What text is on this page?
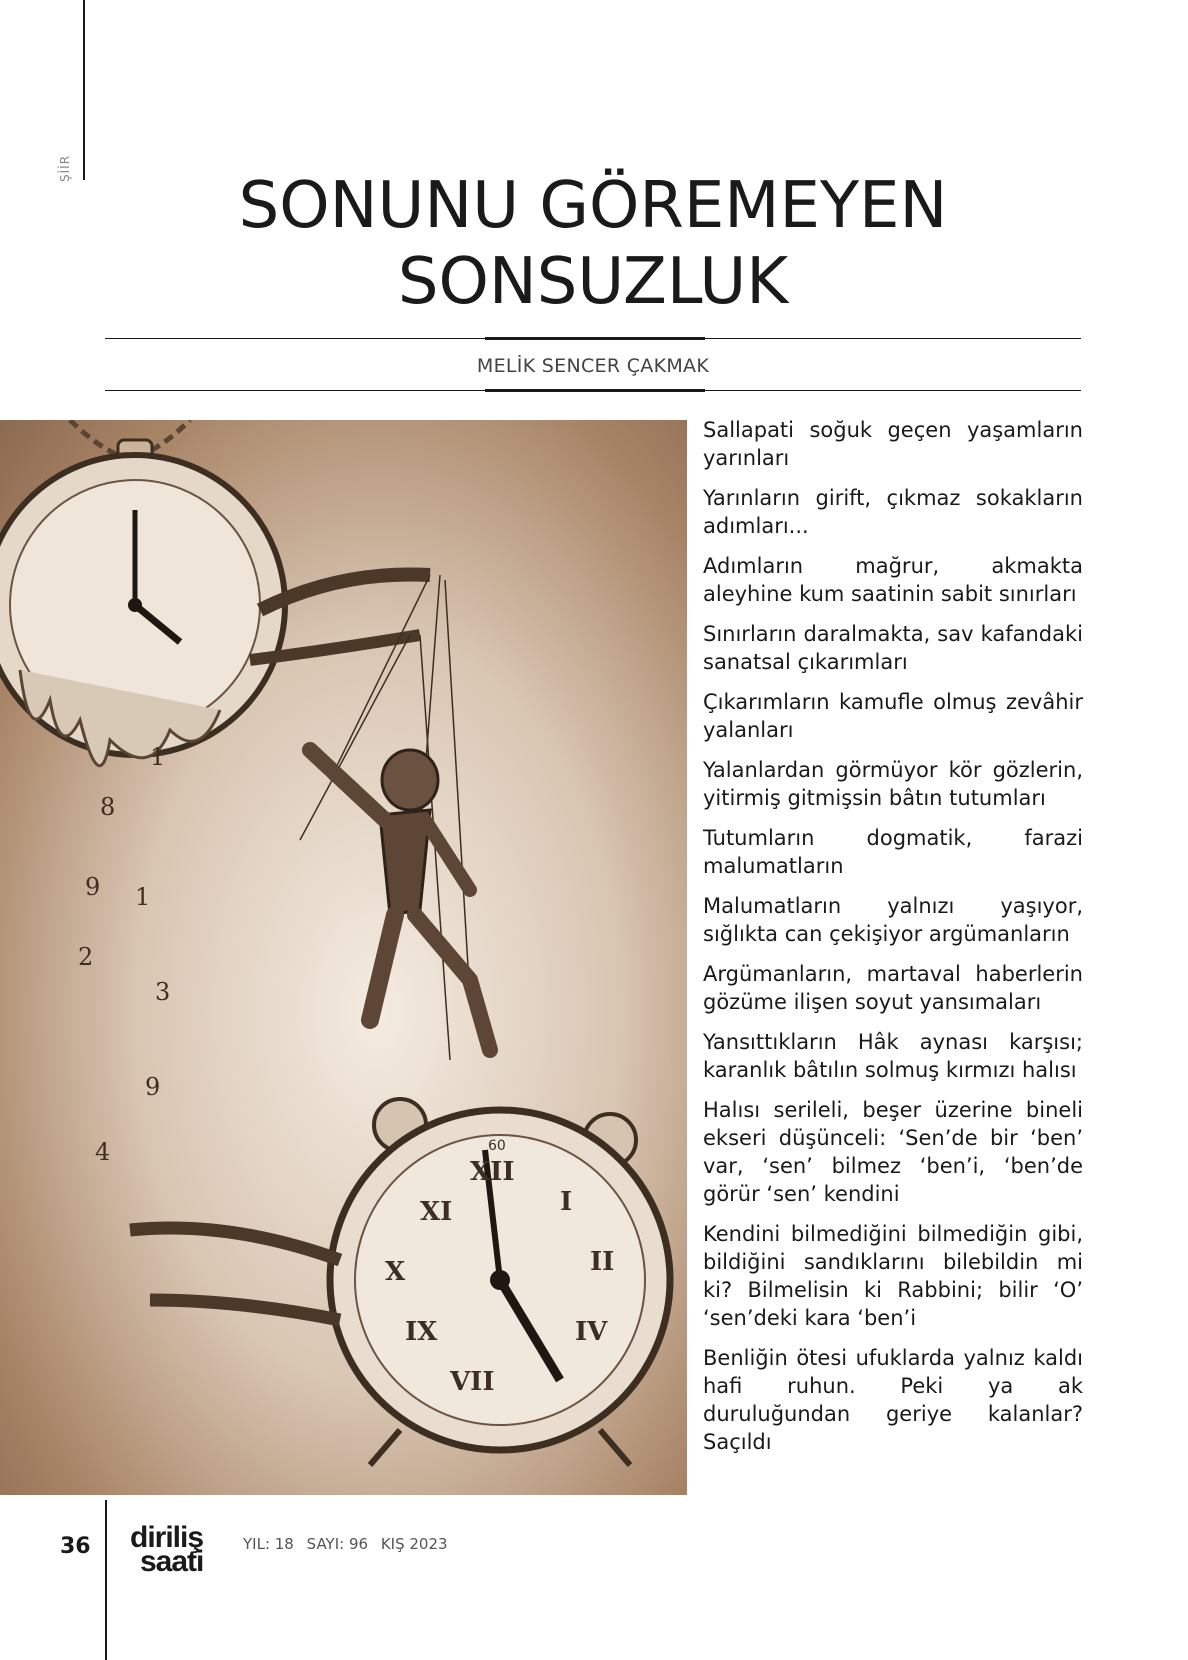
ŞİİR
SONUNU GÖREMEYEN
SONSUZLUK
MELİK SENCER ÇAKMAK
1
8
9 1
2
3
9
4
XII
XI
X
IX
VII
I
II
IV
60

Sallapati soğuk geçen yaşamların yarınları

Yarınların girift, çıkmaz sokakların adımları...

Adımların mağrur, akmakta aleyhine kum saatinin sabit sınırları

Sınırların daralmakta, sav kafandaki sanatsal çıkarımları

Çıkarımların kamufle olmuş zevâhir yalanları

Yalanlardan görmüyor kör gözlerin, yitirmiş gitmişsin bâtın tutumları

Tutumların dogmatik, farazi malumatların

Malumatların yalnızı yaşıyor, sığlıkta can çekişiyor argümanların

Argümanların, martaval haberlerin gözüme ilişen soyut yansımaları

Yansıttıkların Hâk aynası karşısı; karanlık bâtılın solmuş kırmızı halısı

Halısı serileli, beşer üzerine bineli ekseri düşünceli: ‘Sen’de bir ‘ben’ var, ‘sen’ bilmez ‘ben’i, ‘ben’de görür ‘sen’ kendini

Kendini bilmediğini bilmediğin gibi, bildiğini sandıklarını bilebildin mi ki? Bilmelisin ki Rabbini; bilir ‘O’ ‘sen’deki kara ‘ben’i

Benliğin ötesi ufuklarda yalnız kaldı hafi ruhun. Peki ya ak duruluğundan geriye kalanlar? Saçıldı

36 diriliş
saati
YIL: 18 SAYI: 96 KIŞ 2023
